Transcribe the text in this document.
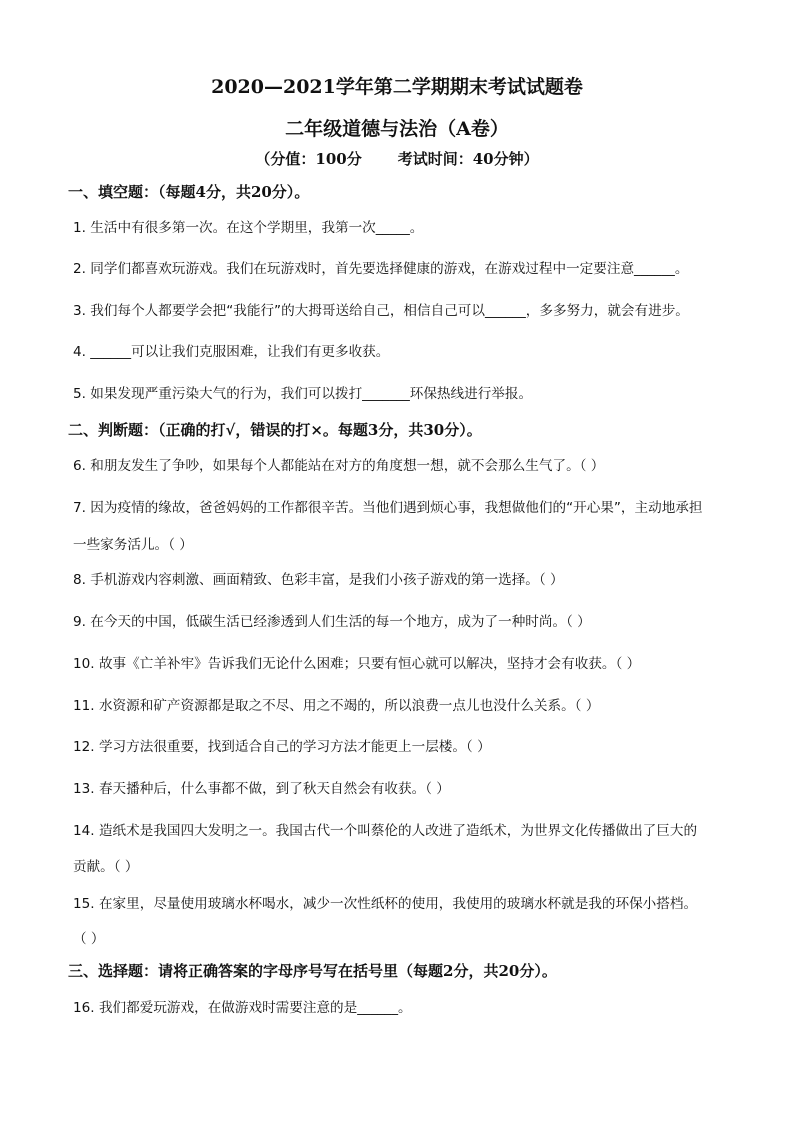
2020—2021学年第二学期期末考试试题卷
二年级道德与法治（A卷）
（分值：100分 考试时间：40分钟）
一、填空题：（每题4分，共20分）。
1. 生活中有很多第一次。在这个学期里，我第一次_____。
2. 同学们都喜欢玩游戏。我们在玩游戏时，首先要选择健康的游戏，在游戏过程中一定要注意______。
3. 我们每个人都要学会把“我能行”的大拇哥送给自己，相信自己可以______，多多努力，就会有进步。
4. ______可以让我们克服困难，让我们有更多收获。
5. 如果发现严重污染大气的行为，我们可以拨打_______环保热线进行举报。
二、判断题：（正确的打√，错误的打×。每题3分，共30分）。
6. 和朋友发生了争吵，如果每个人都能站在对方的角度想一想，就不会那么生气了。（ ）
7. 因为疫情的缘故，爸爸妈妈的工作都很辛苦。当他们遇到烦心事，我想做他们的“开心果”，主动地承担
一些家务活儿。（ ）
8. 手机游戏内容刺激、画面精致、色彩丰富，是我们小孩子游戏的第一选择。（ ）
9. 在今天的中国，低碳生活已经渗透到人们生活的每一个地方，成为了一种时尚。（ ）
10. 故事《亡羊补牢》告诉我们无论什么困难；只要有恒心就可以解决，坚持才会有收获。（ ）
11. 水资源和矿产资源都是取之不尽、用之不竭的，所以浪费一点儿也没什么关系。（ ）
12. 学习方法很重要，找到适合自己的学习方法才能更上一层楼。（ ）
13. 春天播种后，什么事都不做，到了秋天自然会有收获。（ ）
14. 造纸术是我国四大发明之一。我国古代一个叫蔡伦的人改进了造纸术，为世界文化传播做出了巨大的
贡献。（ ）
15. 在家里，尽量使用玻璃水杯喝水，减少一次性纸杯的使用，我使用的玻璃水杯就是我的环保小搭档。
（ ）
三、选择题：请将正确答案的字母序号写在括号里（每题2分，共20分）。
16. 我们都爱玩游戏，在做游戏时需要注意的是______。
